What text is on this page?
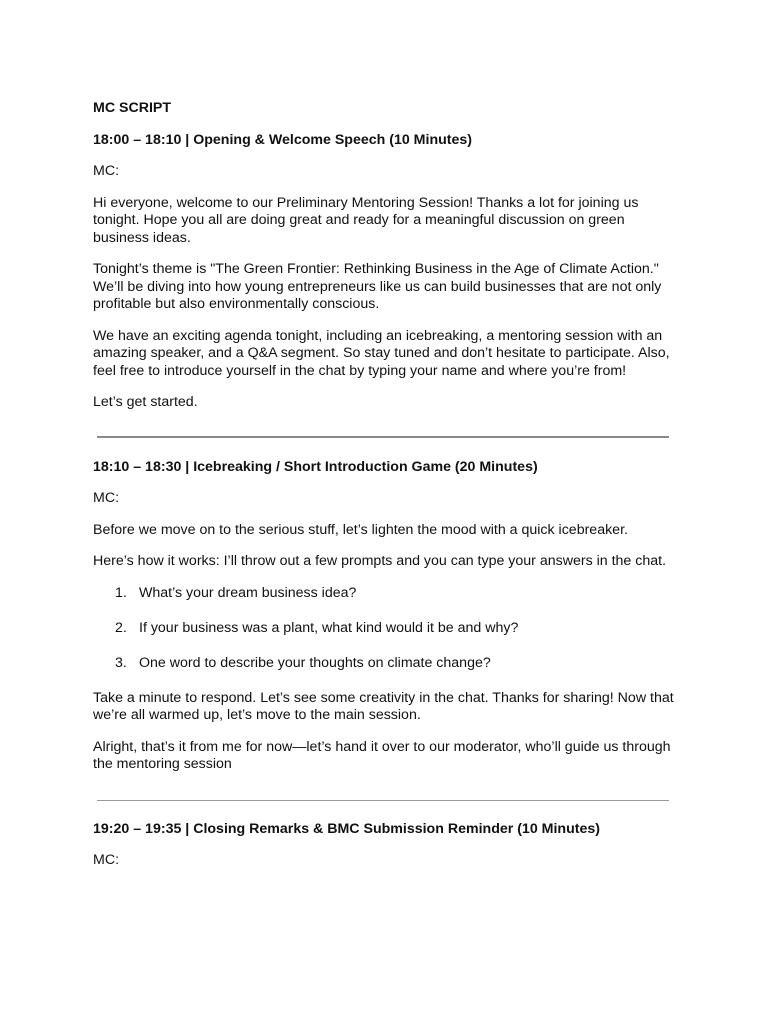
MC SCRIPT

18:00 – 18:10 | Opening & Welcome Speech (10 Minutes)

MC:

Hi everyone, welcome to our Preliminary Mentoring Session! Thanks a lot for joining us tonight. Hope you all are doing great and ready for a meaningful discussion on green business ideas.

Tonight’s theme is "The Green Frontier: Rethinking Business in the Age of Climate Action." We’ll be diving into how young entrepreneurs like us can build businesses that are not only profitable but also environmentally conscious.

We have an exciting agenda tonight, including an icebreaking, a mentoring session with an amazing speaker, and a Q&A segment. So stay tuned and don’t hesitate to participate. Also, feel free to introduce yourself in the chat by typing your name and where you’re from!

Let’s get started.

18:10 – 18:30 | Icebreaking / Short Introduction Game (20 Minutes)

MC:

Before we move on to the serious stuff, let’s lighten the mood with a quick icebreaker.

Here’s how it works: I’ll throw out a few prompts and you can type your answers in the chat.

1. What’s your dream business idea?
2. If your business was a plant, what kind would it be and why?
3. One word to describe your thoughts on climate change?

Take a minute to respond. Let’s see some creativity in the chat. Thanks for sharing! Now that we’re all warmed up, let’s move to the main session.

Alright, that’s it from me for now—let’s hand it over to our moderator, who’ll guide us through the mentoring session

19:20 – 19:35 | Closing Remarks & BMC Submission Reminder (10 Minutes)

MC:
